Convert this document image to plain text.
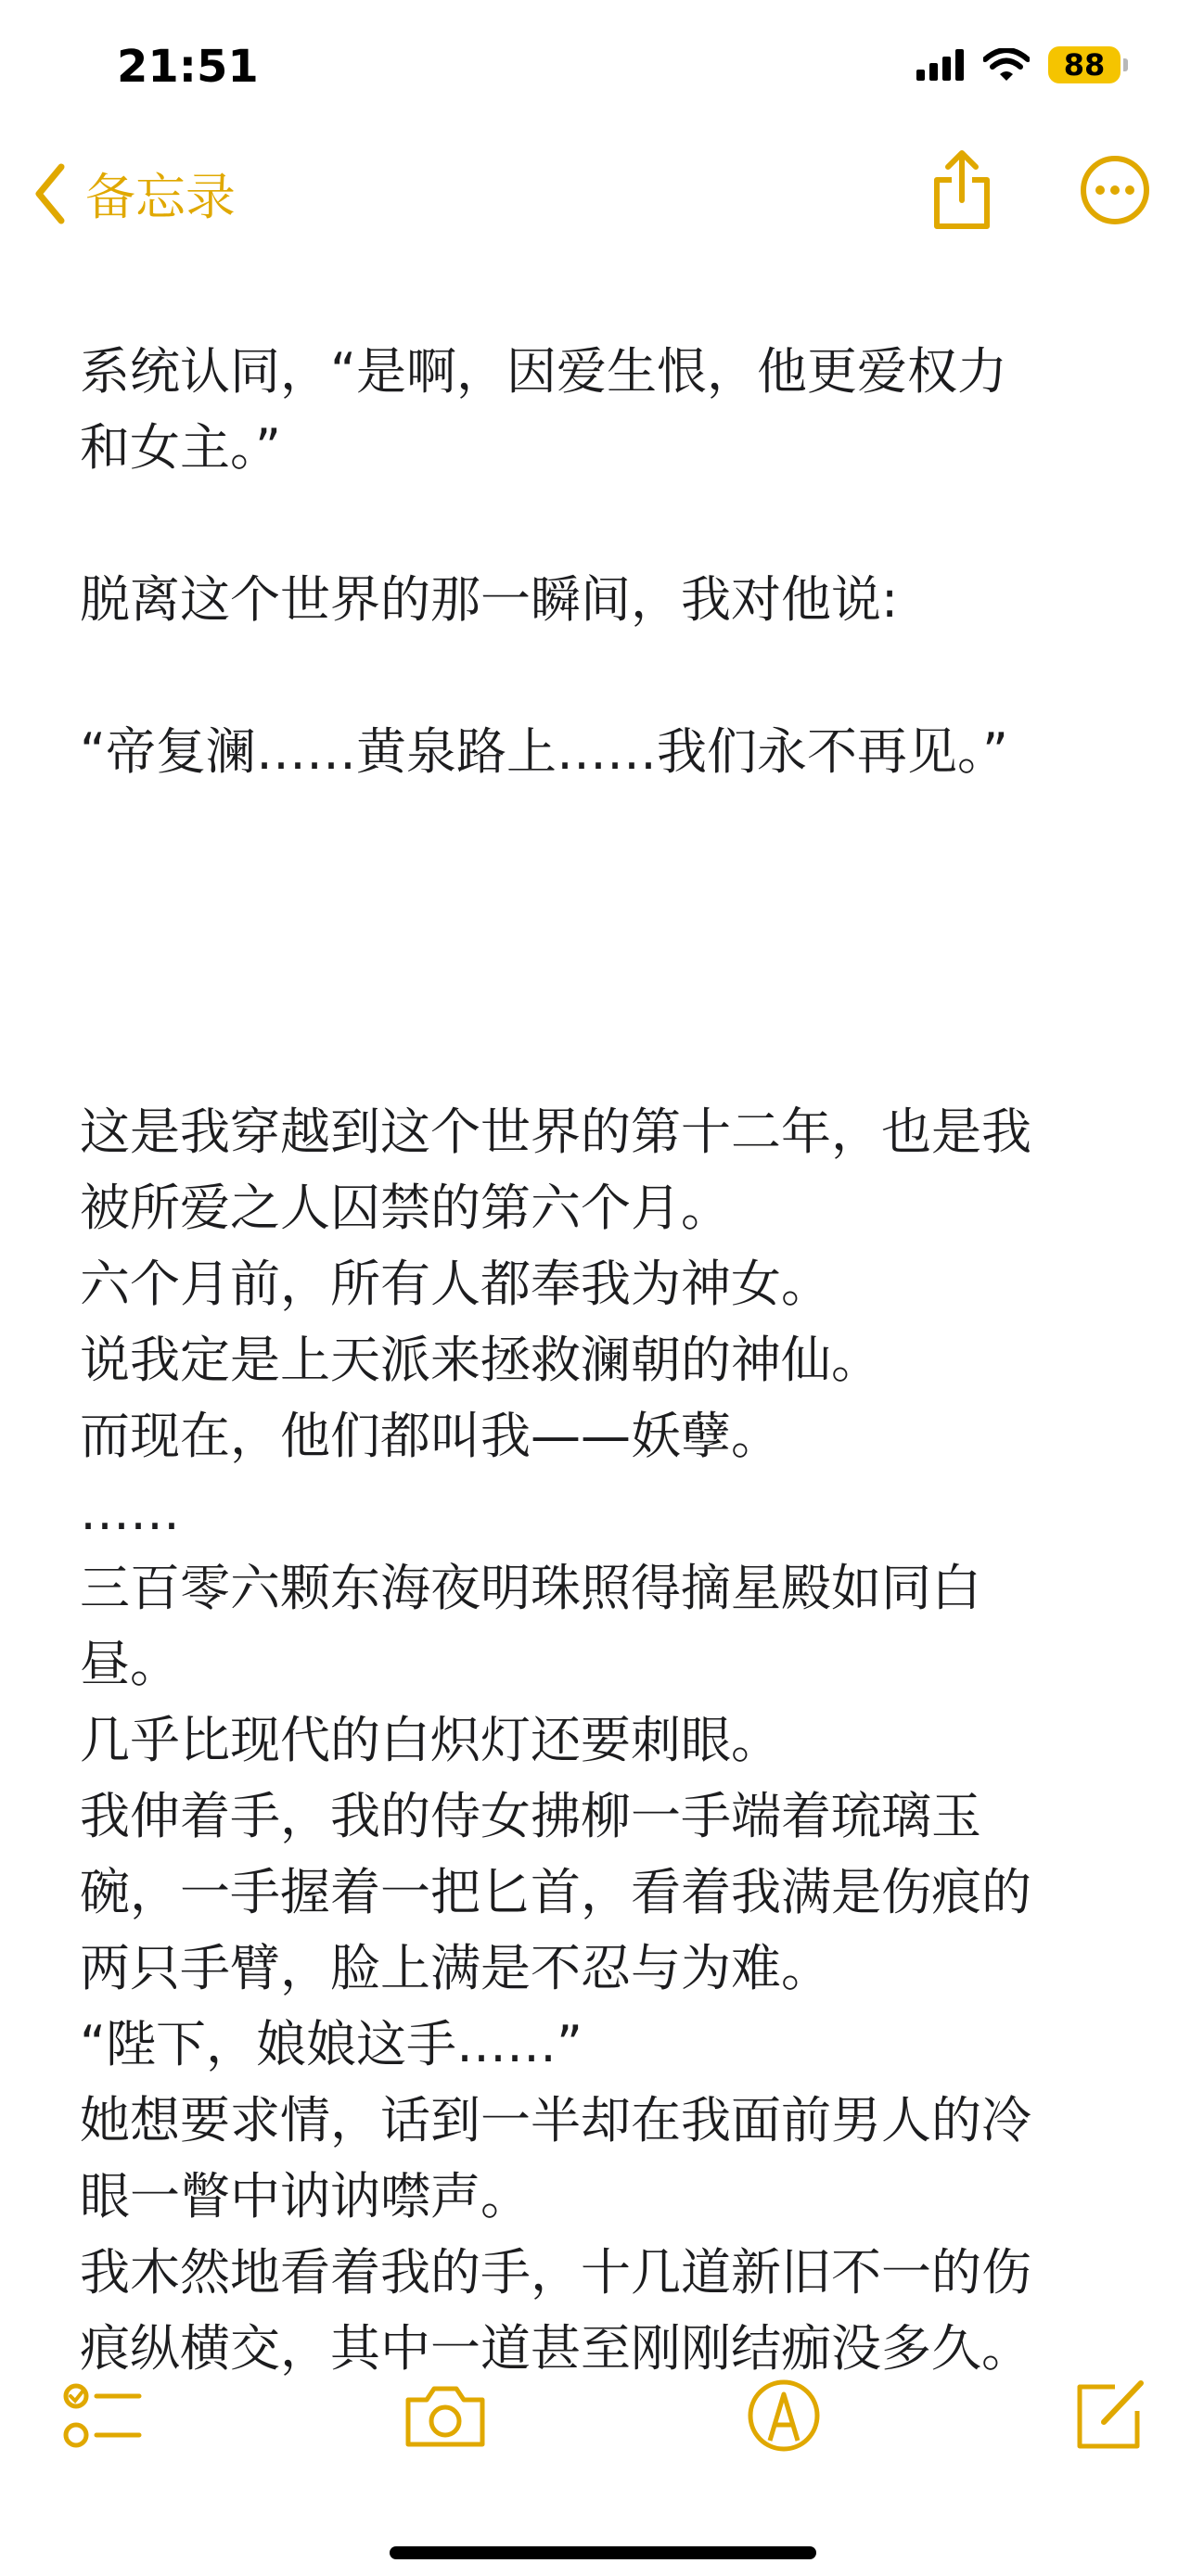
21:51	88
备忘录
系统认同，“是啊，因爱生恨，他更爱权力
和女主。”
脱离这个世界的那一瞬间，我对他说:
“帝复澜……黄泉路上……我们永不再见。”
这是我穿越到这个世界的第十二年，也是我
被所爱之人囚禁的第六个月。
六个月前，所有人都奉我为神女。
说我定是上天派来拯救澜朝的神仙。
而现在，他们都叫我——妖孽。
……
三百零六颗东海夜明珠照得摘星殿如同白
昼。
几乎比现代的白炽灯还要刺眼。
我伸着手，我的侍女拂柳一手端着琉璃玉
碗，一手握着一把匕首，看着我满是伤痕的
两只手臂，脸上满是不忍与为难。
“陛下，娘娘这手……”
她想要求情，话到一半却在我面前男人的冷
眼一瞥中讷讷噤声。
我木然地看着我的手，十几道新旧不一的伤
痕纵横交，其中一道甚至刚刚结痂没多久。
